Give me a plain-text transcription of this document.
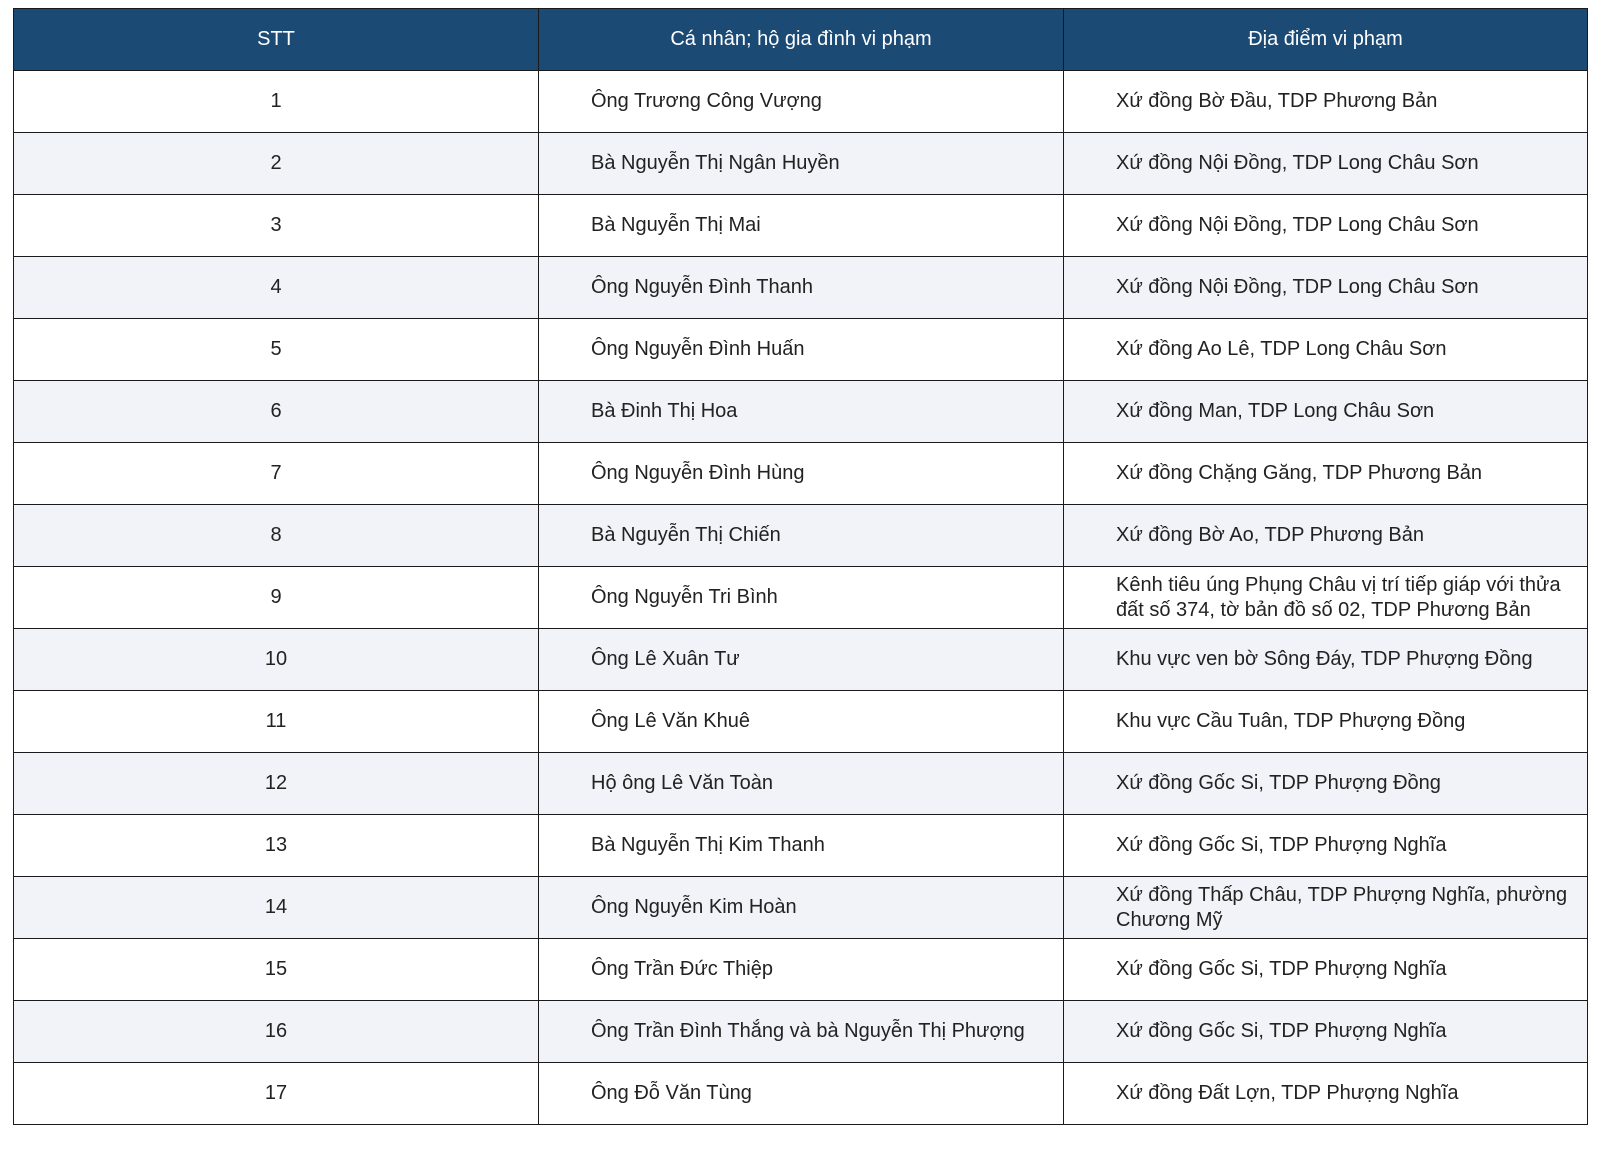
STT	Cá nhân; hộ gia đình vi phạm	Địa điểm vi phạm
1	Ông Trương Công Vượng	Xứ đồng Bờ Đầu, TDP Phương Bản
2	Bà Nguyễn Thị Ngân Huyền	Xứ đồng Nội Đồng, TDP Long Châu Sơn
3	Bà Nguyễn Thị Mai	Xứ đồng Nội Đồng, TDP Long Châu Sơn
4	Ông Nguyễn Đình Thanh	Xứ đồng Nội Đồng, TDP Long Châu Sơn
5	Ông Nguyễn Đình Huấn	Xứ đồng Ao Lê, TDP Long Châu Sơn
6	Bà Đinh Thị Hoa	Xứ đồng Man, TDP Long Châu Sơn
7	Ông Nguyễn Đình Hùng	Xứ đồng Chặng Găng, TDP Phương Bản
8	Bà Nguyễn Thị Chiến	Xứ đồng Bờ Ao, TDP Phương Bản
9	Ông Nguyễn Tri Bình	Kênh tiêu úng Phụng Châu vị trí tiếp giáp với thửa đất số 374, tờ bản đồ số 02, TDP Phương Bản
10	Ông Lê Xuân Tư	Khu vực ven bờ Sông Đáy, TDP Phượng Đồng
11	Ông Lê Văn Khuê	Khu vực Cầu Tuân, TDP Phượng Đồng
12	Hộ ông Lê Văn Toàn	Xứ đồng Gốc Si, TDP Phượng Đồng
13	Bà Nguyễn Thị Kim Thanh	Xứ đồng Gốc Si, TDP Phượng Nghĩa
14	Ông Nguyễn Kim Hoàn	Xứ đồng Thấp Châu, TDP Phượng Nghĩa, phường Chương Mỹ
15	Ông Trần Đức Thiệp	Xứ đồng Gốc Si, TDP Phượng Nghĩa
16	Ông Trần Đình Thắng và bà Nguyễn Thị Phượng	Xứ đồng Gốc Si, TDP Phượng Nghĩa
17	Ông Đỗ Văn Tùng	Xứ đồng Đất Lợn, TDP Phượng Nghĩa
